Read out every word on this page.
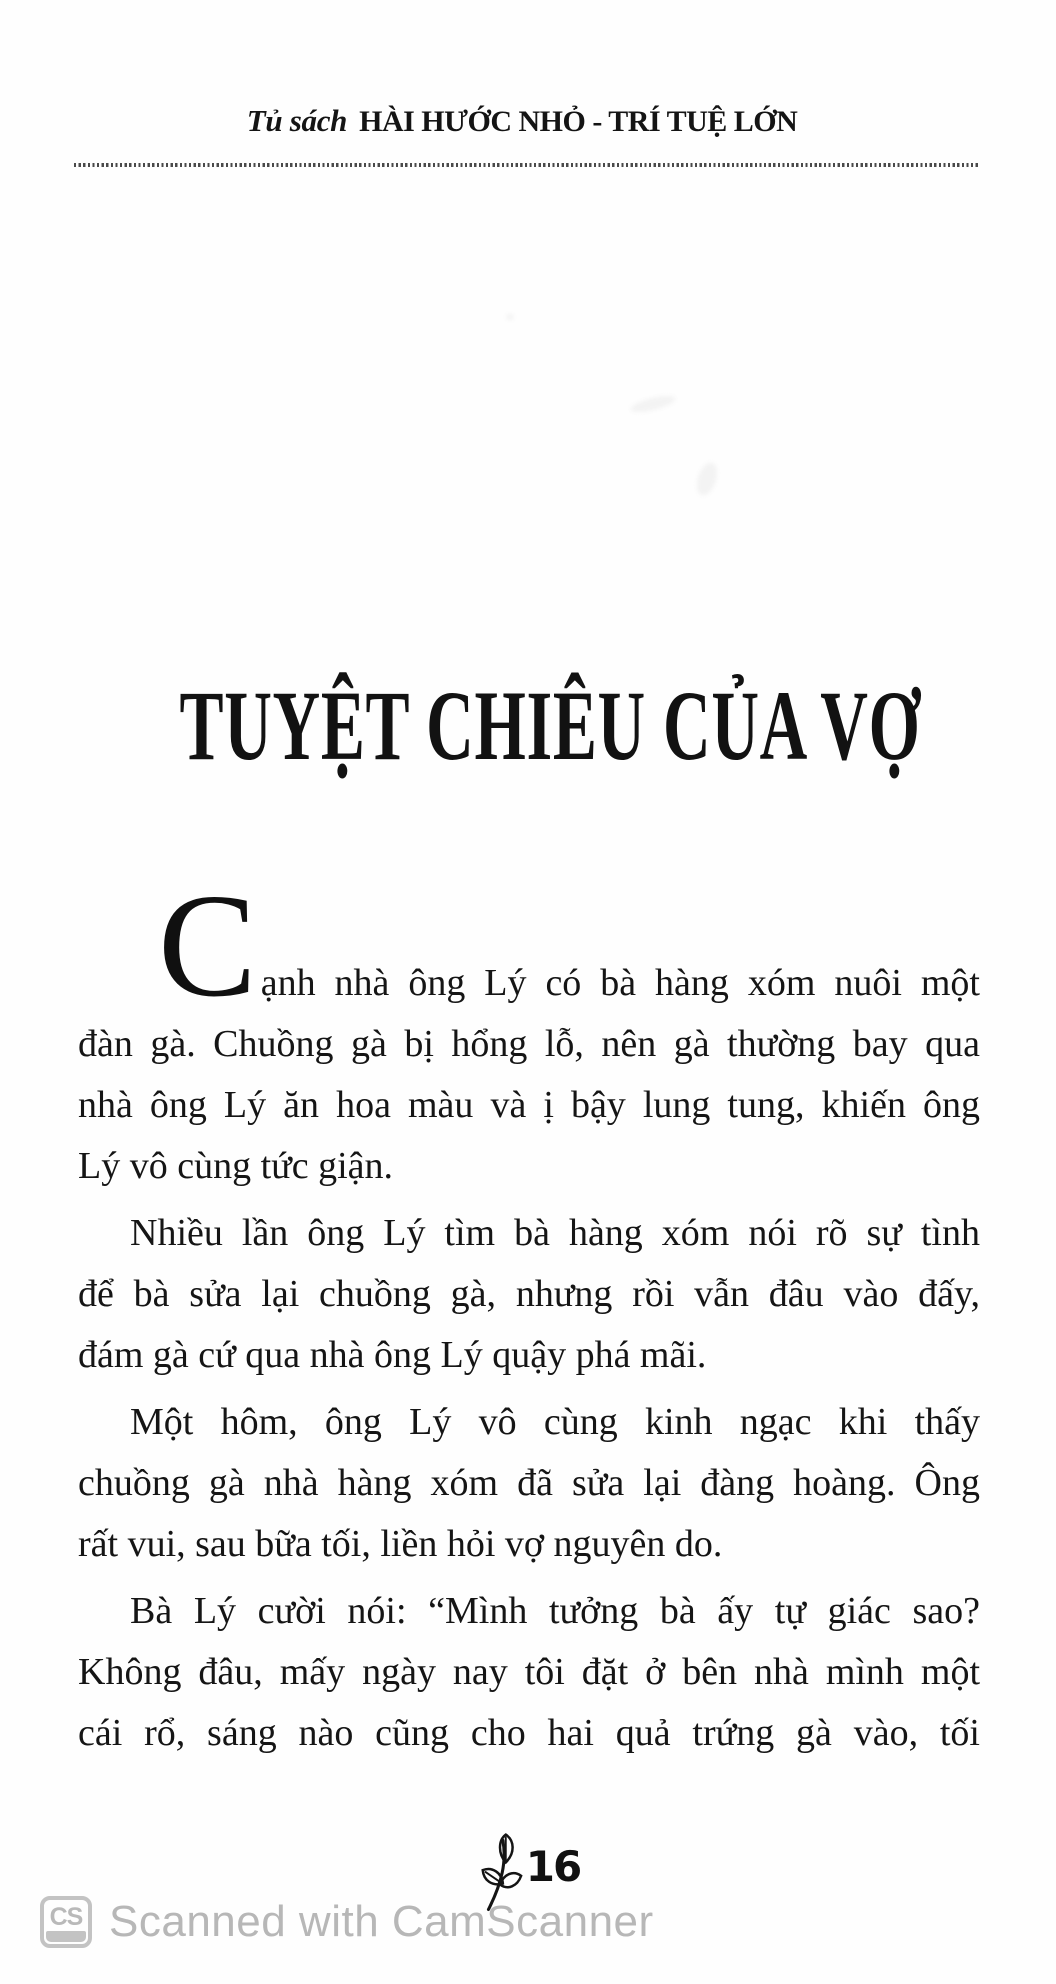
Tủ sách HÀI HƯỚC NHỎ - TRÍ TUỆ LỚN
TUYỆT CHIÊU CỦA VỢ
Cạnh nhà ông Lý có bà hàng xóm nuôi một
đàn gà. Chuồng gà bị hổng lỗ, nên gà thường bay qua
nhà ông Lý ăn hoa màu và ị bậy lung tung, khiến ông
Lý vô cùng tức giận.
Nhiều lần ông Lý tìm bà hàng xóm nói rõ sự tình
để bà sửa lại chuồng gà, nhưng rồi vẫn đâu vào đấy,
đám gà cứ qua nhà ông Lý quậy phá mãi.
Một hôm, ông Lý vô cùng kinh ngạc khi thấy
chuồng gà nhà hàng xóm đã sửa lại đàng hoàng. Ông
rất vui, sau bữa tối, liền hỏi vợ nguyên do.
Bà Lý cười nói: “Mình tưởng bà ấy tự giác sao?
Không đâu, mấy ngày nay tôi đặt ở bên nhà mình một
cái rổ, sáng nào cũng cho hai quả trứng gà vào, tối
16
CS Scanned with CamScanner
